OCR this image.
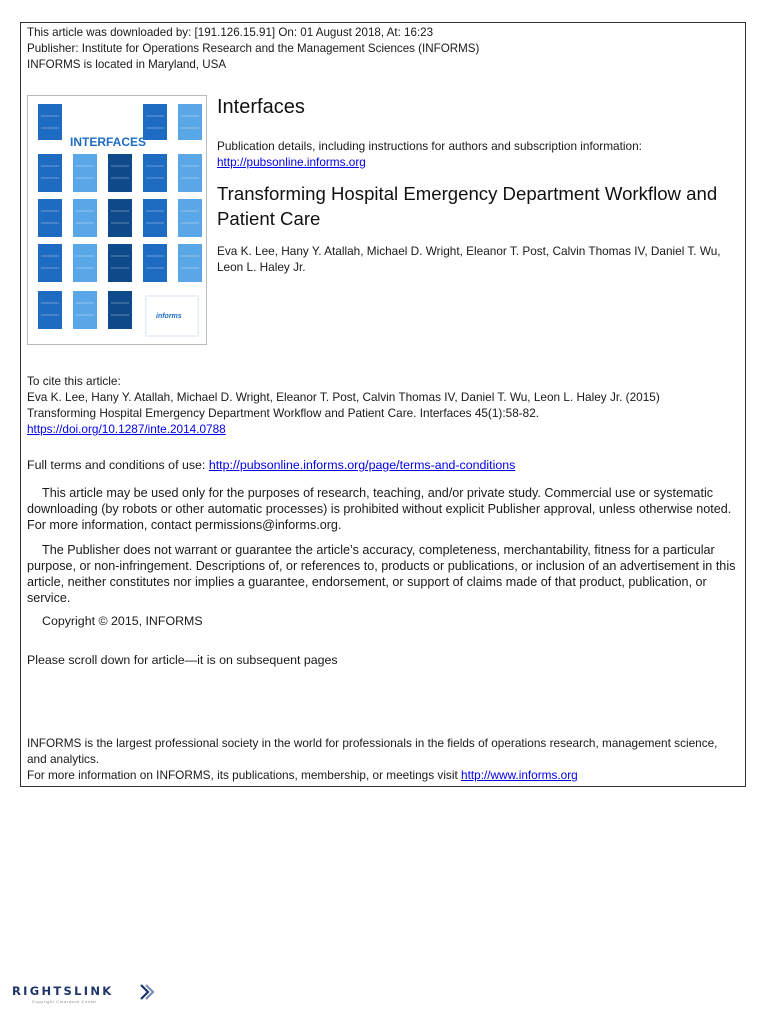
This article was downloaded by: [191.126.15.91] On: 01 August 2018, At: 16:23
Publisher: Institute for Operations Research and the Management Sciences (INFORMS)
INFORMS is located in Maryland, USA
INTERFACES
informs
Interfaces
Publication details, including instructions for authors and subscription information:
http://pubsonline.informs.org
Transforming Hospital Emergency Department Workflow and Patient Care
Eva K. Lee, Hany Y. Atallah, Michael D. Wright, Eleanor T. Post, Calvin Thomas IV, Daniel T. Wu, Leon L. Haley Jr.
To cite this article:
Eva K. Lee, Hany Y. Atallah, Michael D. Wright, Eleanor T. Post, Calvin Thomas IV, Daniel T. Wu, Leon L. Haley Jr. (2015)
Transforming Hospital Emergency Department Workflow and Patient Care. Interfaces 45(1):58-82. https://doi.org/10.1287/inte.2014.0788
Full terms and conditions of use: http://pubsonline.informs.org/page/terms-and-conditions
This article may be used only for the purposes of research, teaching, and/or private study. Commercial use or systematic downloading (by robots or other automatic processes) is prohibited without explicit Publisher approval, unless otherwise noted. For more information, contact permissions@informs.org.
The Publisher does not warrant or guarantee the article’s accuracy, completeness, merchantability, fitness for a particular purpose, or non-infringement. Descriptions of, or references to, products or publications, or inclusion of an advertisement in this article, neither constitutes nor implies a guarantee, endorsement, or support of claims made of that product, publication, or service.
Copyright © 2015, INFORMS
Please scroll down for article—it is on subsequent pages
INFORMS is the largest professional society in the world for professionals in the fields of operations research, management science, and analytics.
For more information on INFORMS, its publications, membership, or meetings visit http://www.informs.org
RIGHTSLINK
Copyright Clearance Center
